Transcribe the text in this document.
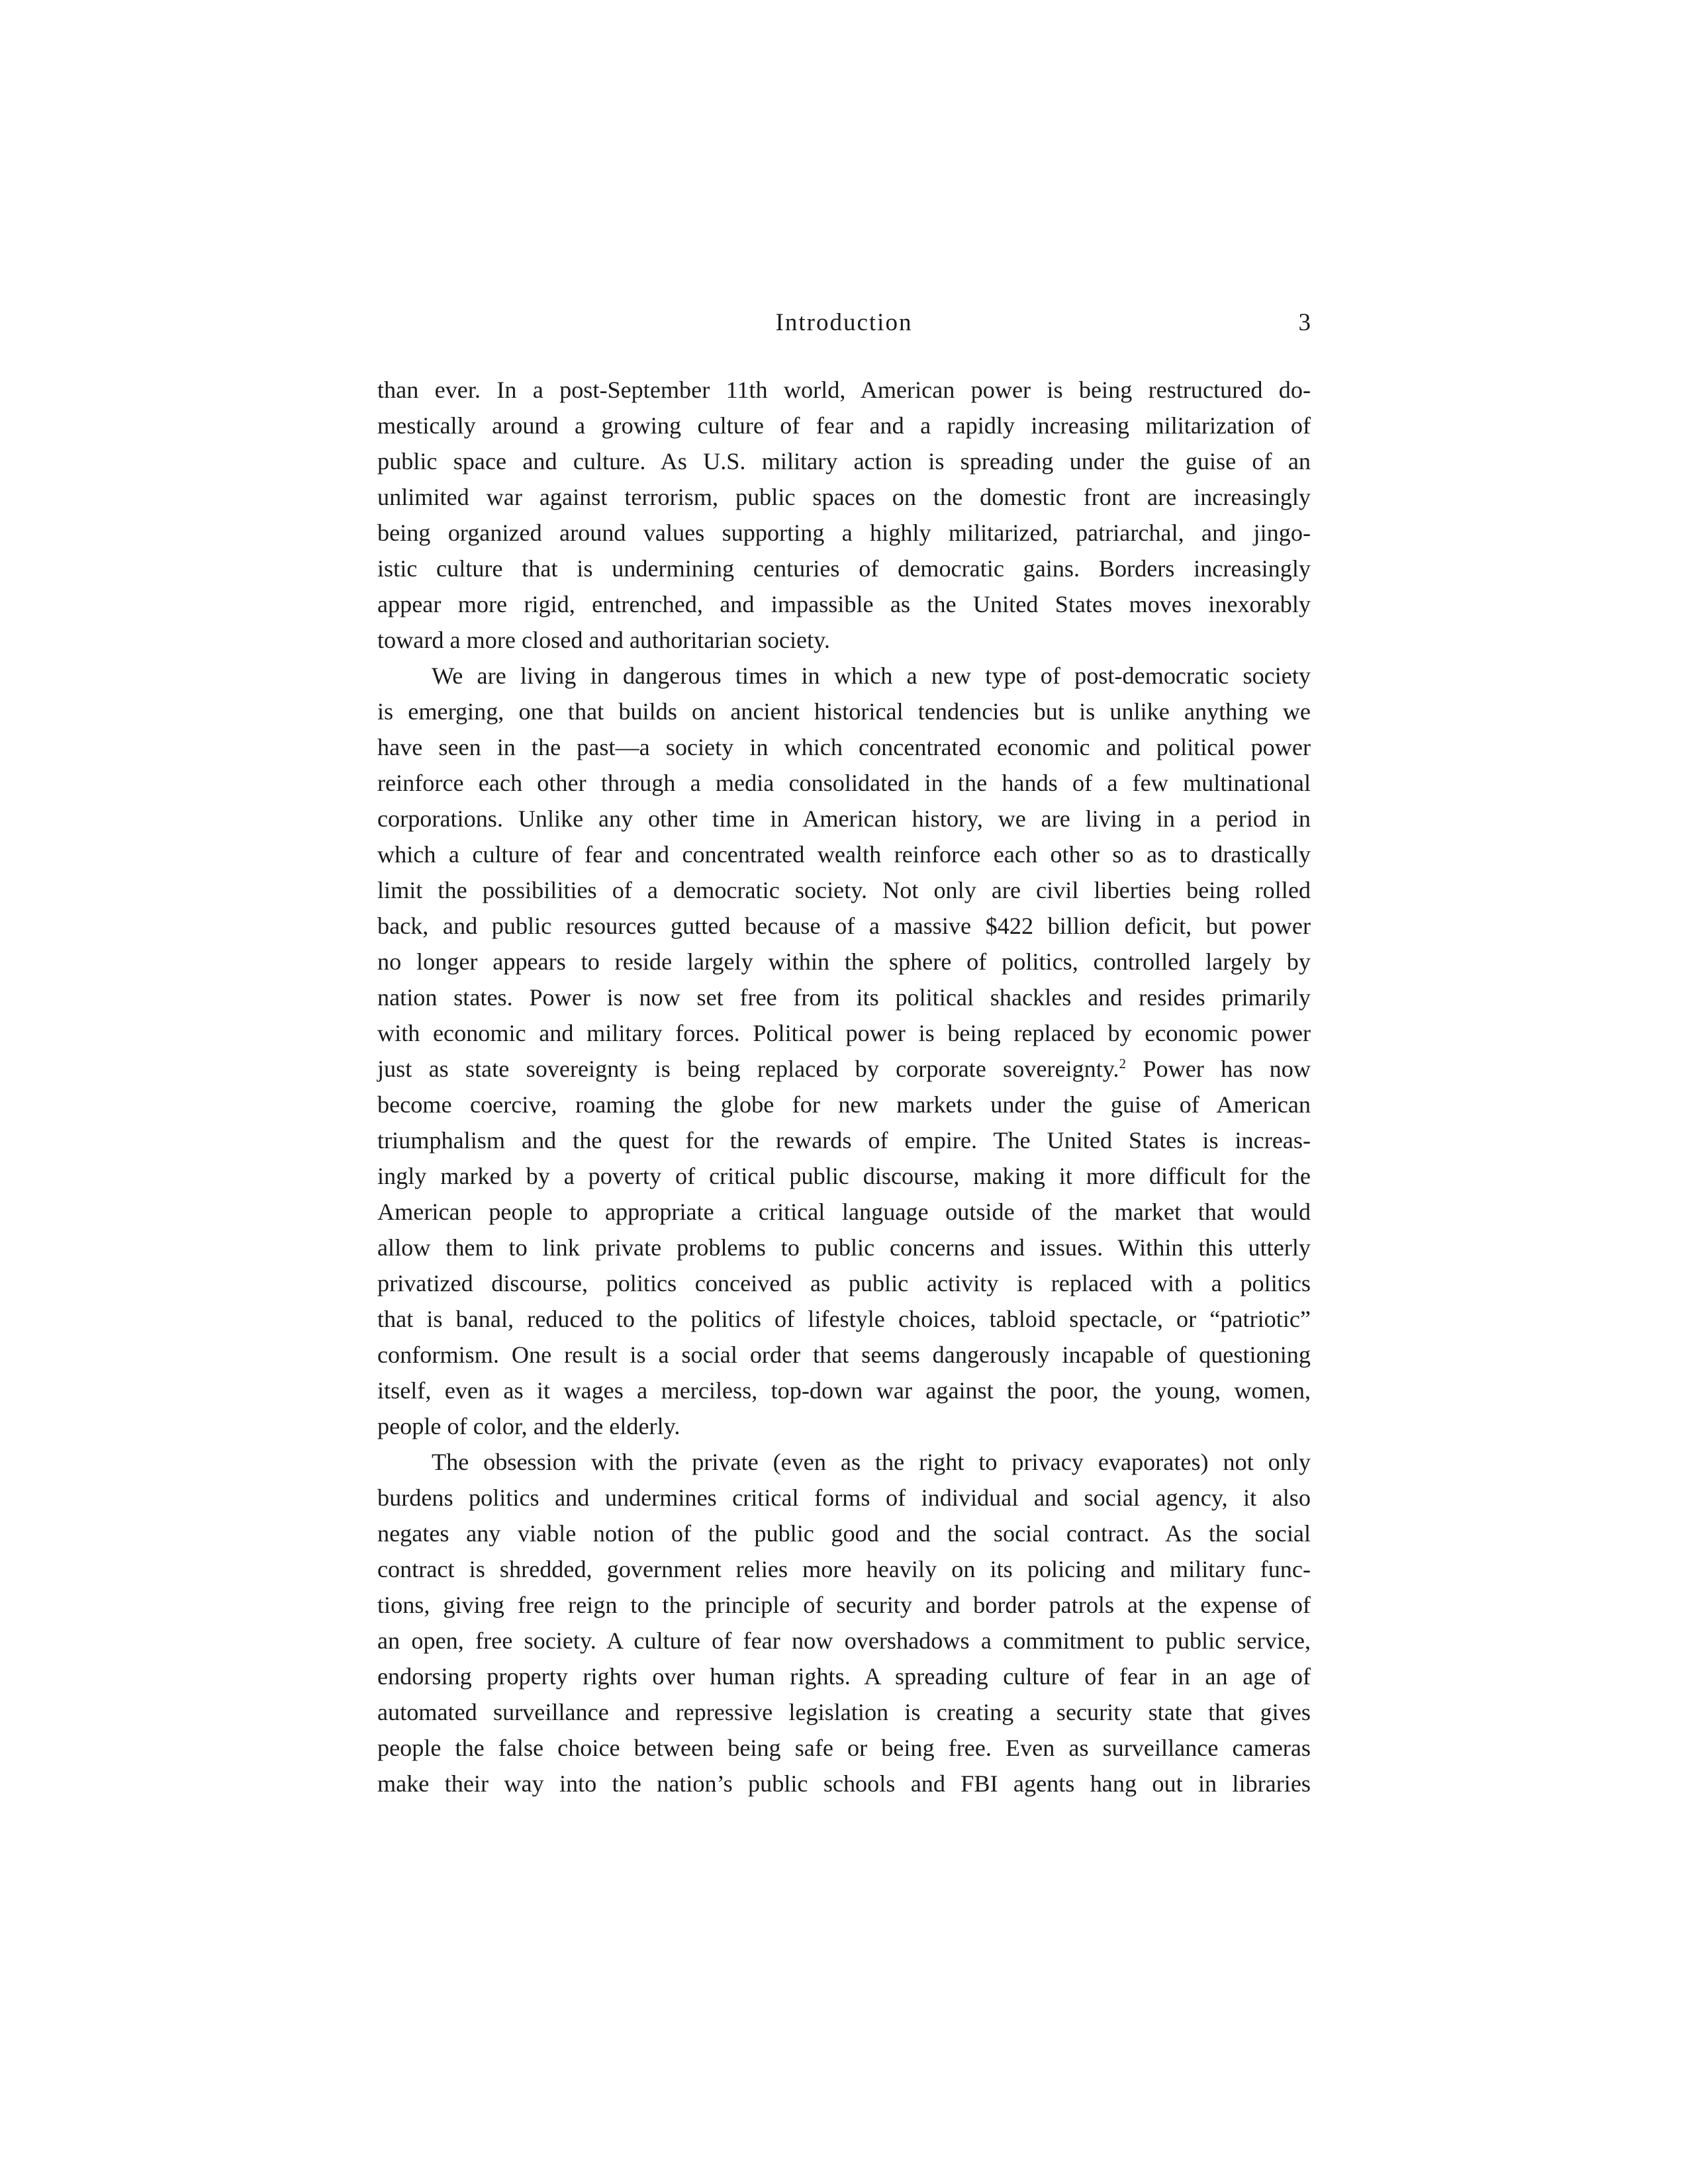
Introduction	3
than ever. In a post-September 11th world, American power is being restructured do-
mestically around a growing culture of fear and a rapidly increasing militarization of
public space and culture. As U.S. military action is spreading under the guise of an
unlimited war against terrorism, public spaces on the domestic front are increasingly
being organized around values supporting a highly militarized, patriarchal, and jingo-
istic culture that is undermining centuries of democratic gains. Borders increasingly
appear more rigid, entrenched, and impassible as the United States moves inexorably
toward a more closed and authoritarian society.
We are living in dangerous times in which a new type of post-democratic society
is emerging, one that builds on ancient historical tendencies but is unlike anything we
have seen in the past—a society in which concentrated economic and political power
reinforce each other through a media consolidated in the hands of a few multinational
corporations. Unlike any other time in American history, we are living in a period in
which a culture of fear and concentrated wealth reinforce each other so as to drastically
limit the possibilities of a democratic society. Not only are civil liberties being rolled
back, and public resources gutted because of a massive $422 billion deficit, but power
no longer appears to reside largely within the sphere of politics, controlled largely by
nation states. Power is now set free from its political shackles and resides primarily
with economic and military forces. Political power is being replaced by economic power
just as state sovereignty is being replaced by corporate sovereignty.$^2$ Power has now
become coercive, roaming the globe for new markets under the guise of American
triumphalism and the quest for the rewards of empire. The United States is increas-
ingly marked by a poverty of critical public discourse, making it more difficult for the
American people to appropriate a critical language outside of the market that would
allow them to link private problems to public concerns and issues. Within this utterly
privatized discourse, politics conceived as public activity is replaced with a politics
that is banal, reduced to the politics of lifestyle choices, tabloid spectacle, or “patriotic”
conformism. One result is a social order that seems dangerously incapable of questioning
itself, even as it wages a merciless, top-down war against the poor, the young, women,
people of color, and the elderly.
The obsession with the private (even as the right to privacy evaporates) not only
burdens politics and undermines critical forms of individual and social agency, it also
negates any viable notion of the public good and the social contract. As the social
contract is shredded, government relies more heavily on its policing and military func-
tions, giving free reign to the principle of security and border patrols at the expense of
an open, free society. A culture of fear now overshadows a commitment to public service,
endorsing property rights over human rights. A spreading culture of fear in an age of
automated surveillance and repressive legislation is creating a security state that gives
people the false choice between being safe or being free. Even as surveillance cameras
make their way into the nation’s public schools and FBI agents hang out in libraries
